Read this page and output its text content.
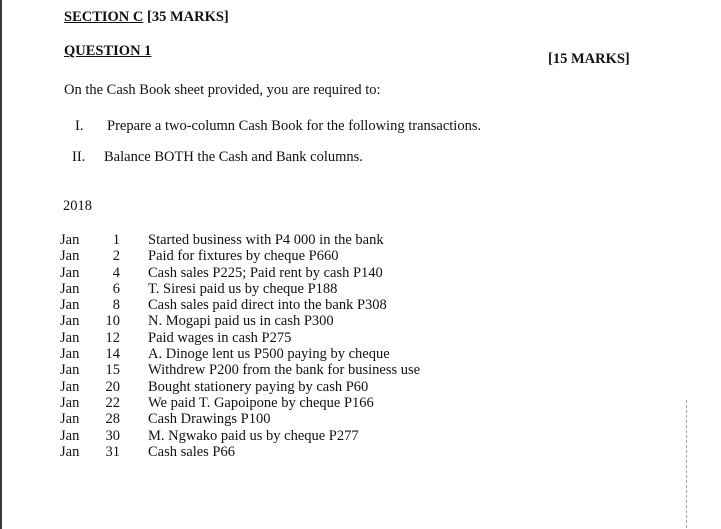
SECTION C [35 MARKS]
QUESTION 1	[15 MARKS]
On the Cash Book sheet provided, you are required to:
I. Prepare a two-column Cash Book for the following transactions.
II. Balance BOTH the Cash and Bank columns.
2018
Jan	1 Started business with P4 000 in the bank
Jan	2 Paid for fixtures by cheque P660
Jan	4 Cash sales P225; Paid rent by cash P140
Jan	6 T. Siresi paid us by cheque P188
Jan	8 Cash sales paid direct into the bank P308
Jan	10 N. Mogapi paid us in cash P300
Jan	12 Paid wages in cash P275
Jan	14 A. Dinoge lent us P500 paying by cheque
Jan	15 Withdrew P200 from the bank for business use
Jan	20 Bought stationery paying by cash P60
Jan	22 We paid T. Gapoipone by cheque P166
Jan	28 Cash Drawings P100
Jan	30 M. Ngwako paid us by cheque P277
Jan	31 Cash sales P66
